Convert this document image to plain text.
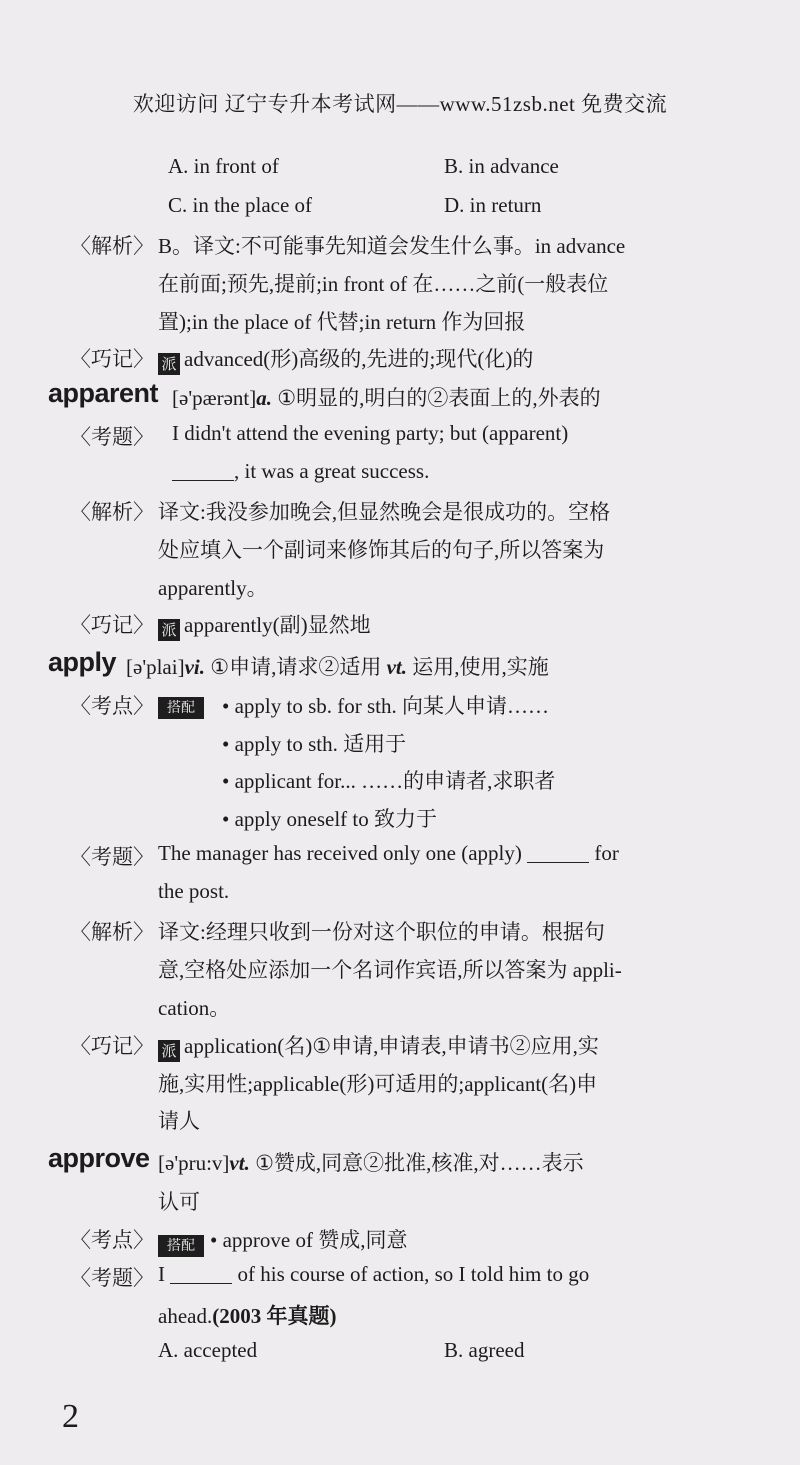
欢迎访问 辽宁专升本考试网——www.51zsb.net 免费交流
A. in front of	B. in advance
C. in the place of	D. in return
〈解析〉 B。译文:不可能事先知道会发生什么事。in advance
在前面;预先,提前;in front of 在……之前(一般表位
置);in the place of 代替;in return 作为回报
〈巧记〉 派 advanced(形)高级的,先进的;现代(化)的
apparent [ə'pærənt]a. ①明显的,明白的②表面上的,外表的
〈考题〉 I didn't attend the evening party; but (apparent)
, it was a great success.
〈解析〉 译文:我没参加晚会,但显然晚会是很成功的。空格
处应填入一个副词来修饰其后的句子,所以答案为
apparently。
〈巧记〉 派 apparently(副)显然地
apply [ə'plai]vi. ①申请,请求②适用 vt. 运用,使用,实施
〈考点〉 搭配	• apply to sb. for sth. 向某人申请……
• apply to sth. 适用于
• applicant for... ……的申请者,求职者
• apply oneself to 致力于
〈考题〉 The manager has received only one (apply)	for
the post.
〈解析〉 译文:经理只收到一份对这个职位的申请。根据句
意,空格处应添加一个名词作宾语,所以答案为 appli-
cation。
〈巧记〉 派 application(名)①申请,申请表,申请书②应用,实
施,实用性;applicable(形)可适用的;applicant(名)申
请人
approve [ə'pru:v]vt. ①赞成,同意②批准,核准,对……表示
认可
〈考点〉 搭配 • approve of 赞成,同意
〈考题〉 I	of his course of action, so I told him to go
ahead.(2003 年真题)
A. accepted	B. agreed
2
